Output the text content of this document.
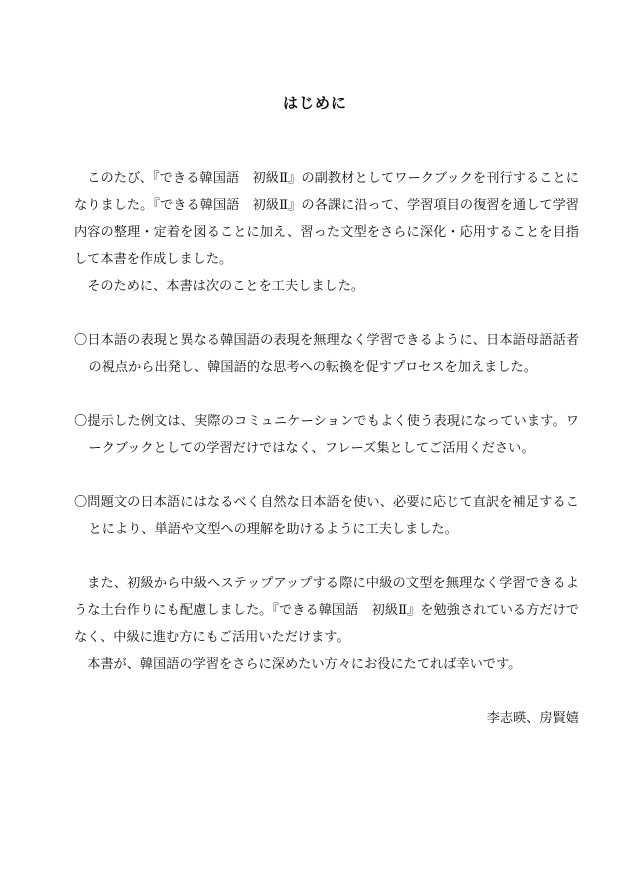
はじめに

このたび、『できる韓国語　初級Ⅱ』の副教材としてワークブックを刊行することになりました。『できる韓国語　初級Ⅱ』の各課に沿って、学習項目の復習を通して学習内容の整理・定着を図ることに加え、習った文型をさらに深化・応用することを目指して本書を作成しました。

そのために、本書は次のことを工夫しました。

〇日本語の表現と異なる韓国語の表現を無理なく学習できるように、日本語母語話者の視点から出発し、韓国語的な思考への転換を促すプロセスを加えました。

〇提示した例文は、実際のコミュニケーションでもよく使う表現になっています。ワークブックとしての学習だけではなく、フレーズ集としてご活用ください。

〇問題文の日本語にはなるべく自然な日本語を使い、必要に応じて直訳を補足することにより、単語や文型への理解を助けるように工夫しました。

また、初級から中級へステップアップする際に中級の文型を無理なく学習できるような土台作りにも配慮しました。『できる韓国語　初級Ⅱ』を勉強されている方だけでなく、中級に進む方にもご活用いただけます。

本書が、韓国語の学習をさらに深めたい方々にお役にたてれば幸いです。

李志暎、房賢嬉
